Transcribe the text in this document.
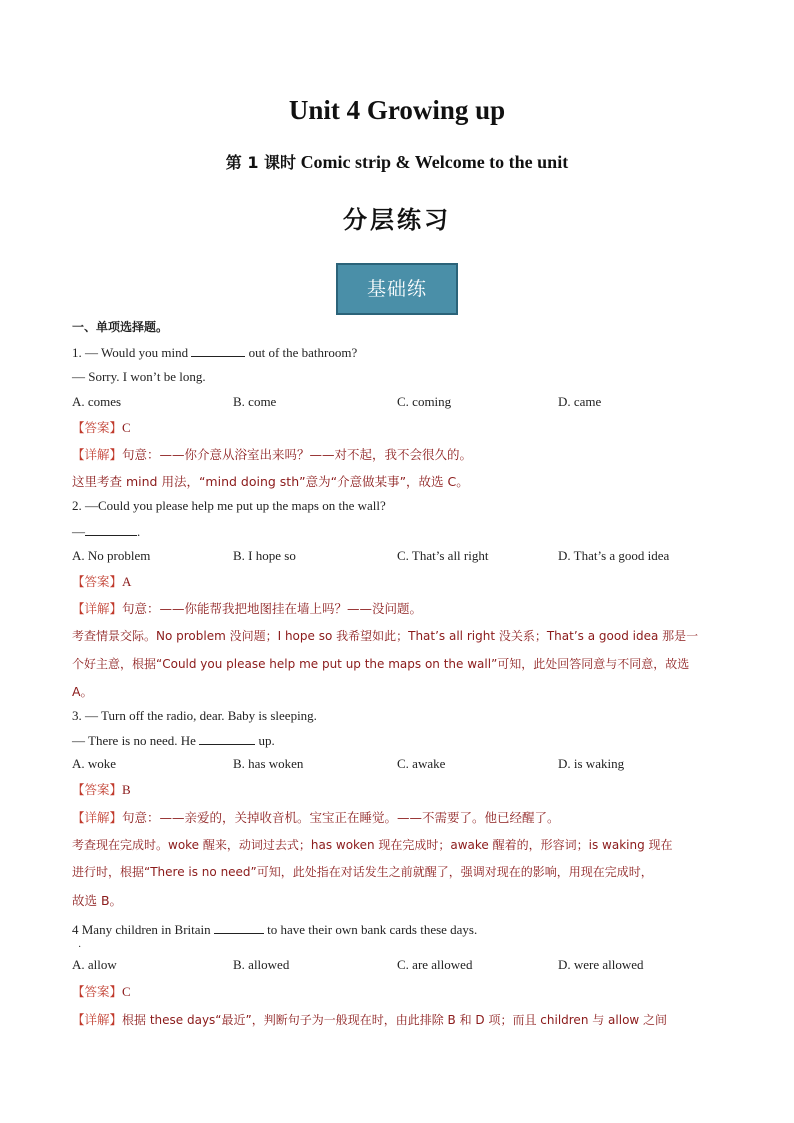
Unit 4 Growing up
第 1 课时 Comic strip & Welcome to the unit
分层练习
基础练
一、单项选择题。
1. — Would you mind	out of the bathroom?
— Sorry. I won’t be long.
A. comes	B. come	C. coming	D. came
【答案】C
【详解】句意：——你介意从浴室出来吗？——对不起，我不会很久的。
这里考查 mind 用法，“mind doing sth”意为“介意做某事”，故选 C。
2. —Could you please help me put up the maps on the wall?
—	.
A. No problem	B. I hope so	C. That’s all right	D. That’s a good idea
【答案】A
【详解】句意：——你能帮我把地图挂在墙上吗？——没问题。
考查情景交际。No problem 没问题；I hope so 我希望如此；That’s all right 没关系；That’s a good idea 那是一
个好主意，根据“Could you please help me put up the maps on the wall”可知，此处回答同意与不同意，故选
A。
3. — Turn off the radio, dear. Baby is sleeping.
— There is no need. He	up.
A. woke	B. has woken	C. awake	D. is waking
【答案】B
【详解】句意：——亲爱的，关掉收音机。宝宝正在睡觉。——不需要了。他已经醒了。
考查现在完成时。woke 醒来，动词过去式；has woken 现在完成时；awake 醒着的，形容词；is waking 现在
进行时，根据“There is no need”可知，此处指在对话发生之前就醒了，强调对现在的影响，用现在完成时，
故选 B。
4 Many children in Britain	to have their own bank cards these days.
·
A. allow	B. allowed	C. are allowed	D. were allowed
【答案】C
【详解】根据 these days“最近”，判断句子为一般现在时，由此排除 B 和 D 项；而且 children 与 allow 之间
